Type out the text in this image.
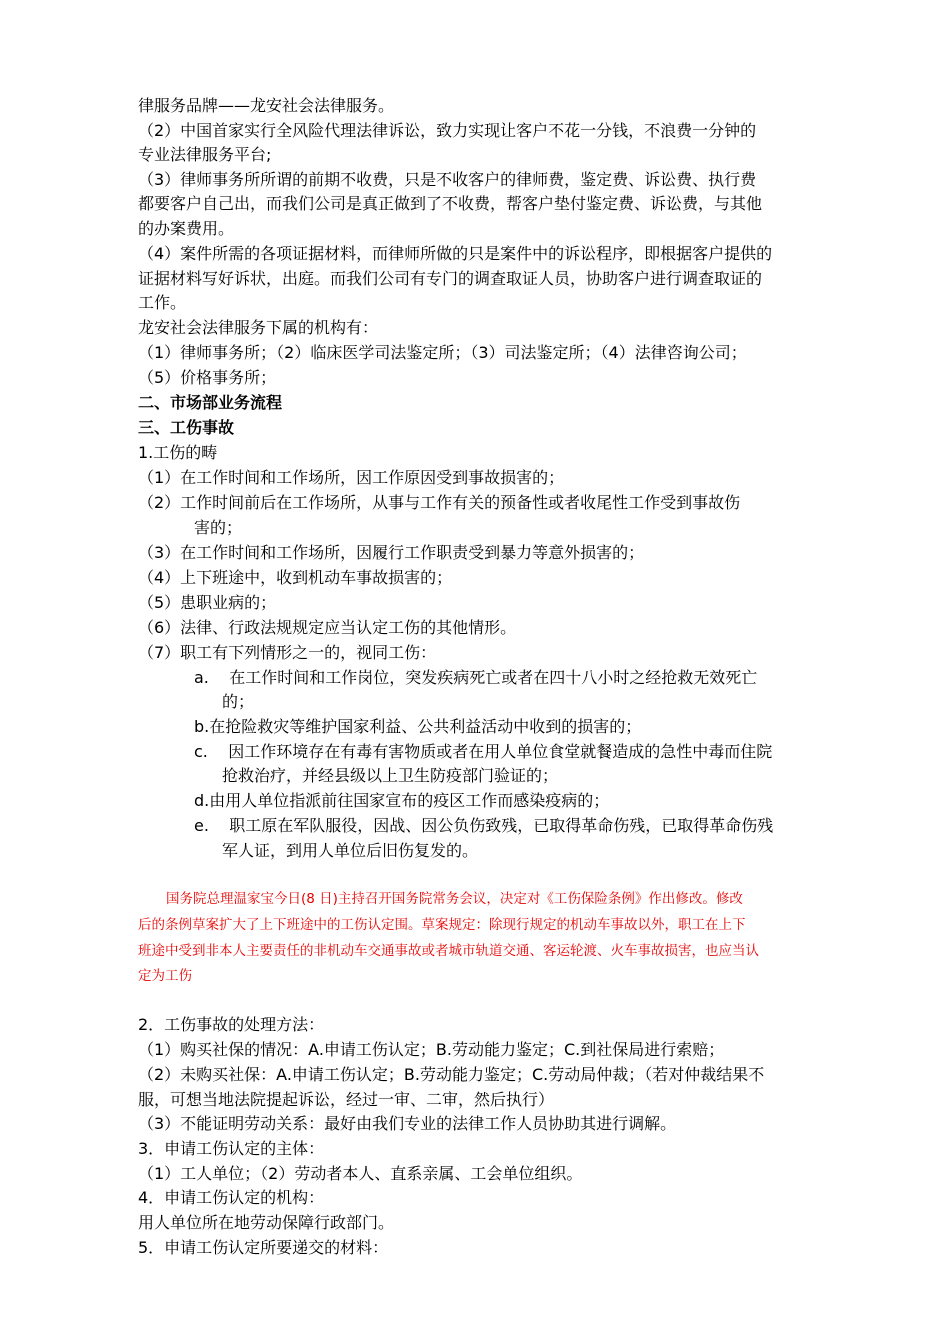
律服务品牌——龙安社会法律服务。
（2）中国首家实行全风险代理法律诉讼，致力实现让客户不花一分钱，不浪费一分钟的
专业法律服务平台;
（3）律师事务所所谓的前期不收费，只是不收客户的律师费，鉴定费、诉讼费、执行费
都要客户自己出，而我们公司是真正做到了不收费，帮客户垫付鉴定费、诉讼费，与其他
的办案费用。
（4）案件所需的各项证据材料，而律师所做的只是案件中的诉讼程序，即根据客户提供的
证据材料写好诉状，出庭。而我们公司有专门的调查取证人员，协助客户进行调查取证的
工作。
龙安社会法律服务下属的机构有：
（1）律师事务所；（2）临床医学司法鉴定所；（3）司法鉴定所；（4）法律咨询公司；
（5）价格事务所；
二、市场部业务流程
三、工伤事故
1.工伤的畴
（1）在工作时间和工作场所，因工作原因受到事故损害的；
（2）工作时间前后在工作场所，从事与工作有关的预备性或者收尾性工作受到事故伤
害的；
（3）在工作时间和工作场所，因履行工作职责受到暴力等意外损害的；
（4）上下班途中，收到机动车事故损害的；
（5）患职业病的；
（6）法律、行政法规规定应当认定工伤的其他情形。
（7）职工有下列情形之一的，视同工伤：
a.    在工作时间和工作岗位，突发疾病死亡或者在四十八小时之经抢救无效死亡
的；
b.在抢险救灾等维护国家利益、公共利益活动中收到的损害的；
c.    因工作环境存在有毒有害物质或者在用人单位食堂就餐造成的急性中毒而住院
抢救治疗，并经县级以上卫生防疫部门验证的；
d.由用人单位指派前往国家宣布的疫区工作而感染疫病的；
e.    职工原在军队服役，因战、因公负伤致残，已取得革命伤残，已取得革命伤残
军人证，到用人单位后旧伤复发的。
国务院总理温家宝今日(8 日)主持召开国务院常务会议，决定对《工伤保险条例》作出修改。修改
后的条例草案扩大了上下班途中的工伤认定围。草案规定：除现行规定的机动车事故以外，职工在上下
班途中受到非本人主要责任的非机动车交通事故或者城市轨道交通、客运轮渡、火车事故损害，也应当认
定为工伤
2．工伤事故的处理方法：
（1）购买社保的情况：A.申请工伤认定；B.劳动能力鉴定；C.到社保局进行索赔；
（2）未购买社保：A.申请工伤认定；B.劳动能力鉴定；C.劳动局仲裁；（若对仲裁结果不
服，可想当地法院提起诉讼，经过一审、二审，然后执行）
（3）不能证明劳动关系：最好由我们专业的法律工作人员协助其进行调解。
3．申请工伤认定的主体：
（1）工人单位；（2）劳动者本人、直系亲属、工会单位组织。
4．申请工伤认定的机构：
用人单位所在地劳动保障行政部门。
5．申请工伤认定所要递交的材料：
